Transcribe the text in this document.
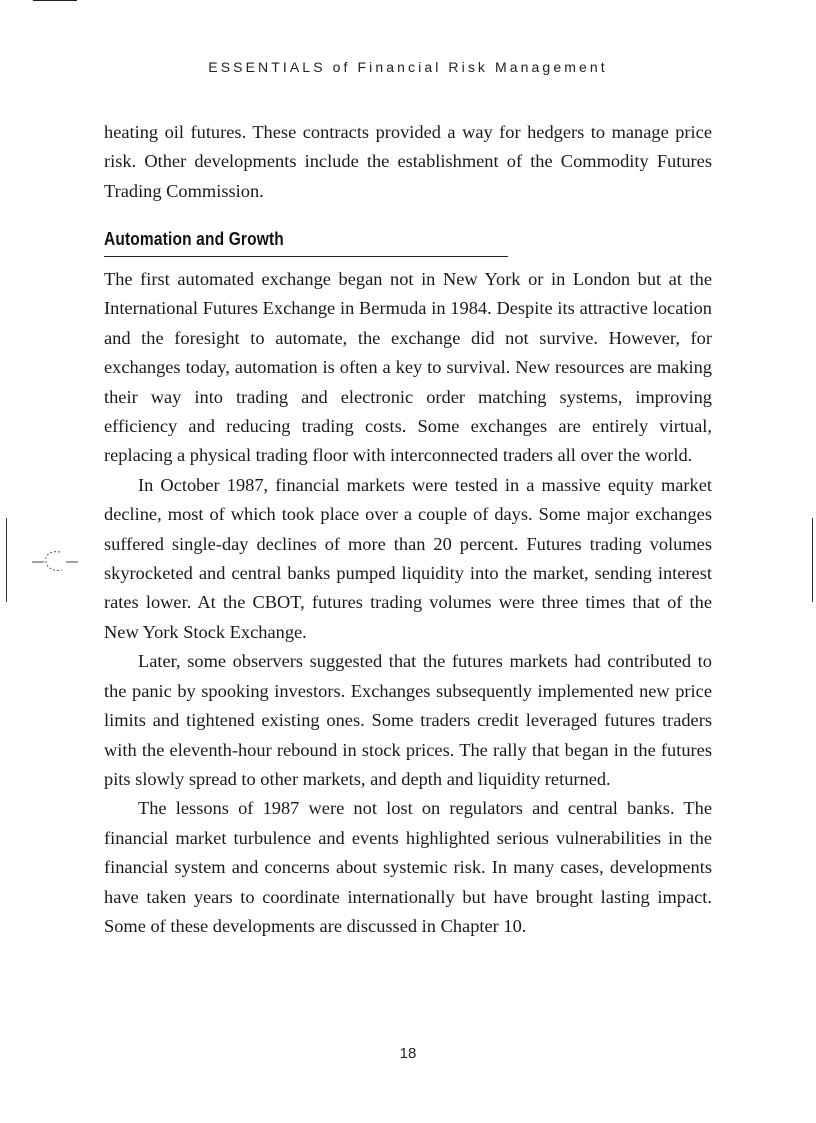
ESSENTIALS of Financial Risk Management

heating oil futures. These contracts provided a way for hedgers to manage price risk. Other developments include the establishment of the Commodity Futures Trading Commission.

Automation and Growth

The first automated exchange began not in New York or in London but at the International Futures Exchange in Bermuda in 1984. Despite its attractive location and the foresight to automate, the exchange did not survive. However, for exchanges today, automation is often a key to survival. New resources are making their way into trading and electronic order matching systems, improving efficiency and reducing trading costs. Some exchanges are entirely virtual, replacing a physical trading floor with interconnected traders all over the world.

In October 1987, financial markets were tested in a massive equity market decline, most of which took place over a couple of days. Some major exchanges suffered single-day declines of more than 20 percent. Futures trading volumes skyrocketed and central banks pumped liquidity into the market, sending interest rates lower. At the CBOT, futures trading volumes were three times that of the New York Stock Exchange.

Later, some observers suggested that the futures markets had contributed to the panic by spooking investors. Exchanges subsequently implemented new price limits and tightened existing ones. Some traders credit leveraged futures traders with the eleventh-hour rebound in stock prices. The rally that began in the futures pits slowly spread to other markets, and depth and liquidity returned.

The lessons of 1987 were not lost on regulators and central banks. The financial market turbulence and events highlighted serious vulnerabilities in the financial system and concerns about systemic risk. In many cases, developments have taken years to coordinate internationally but have brought lasting impact. Some of these developments are discussed in Chapter 10.

18
